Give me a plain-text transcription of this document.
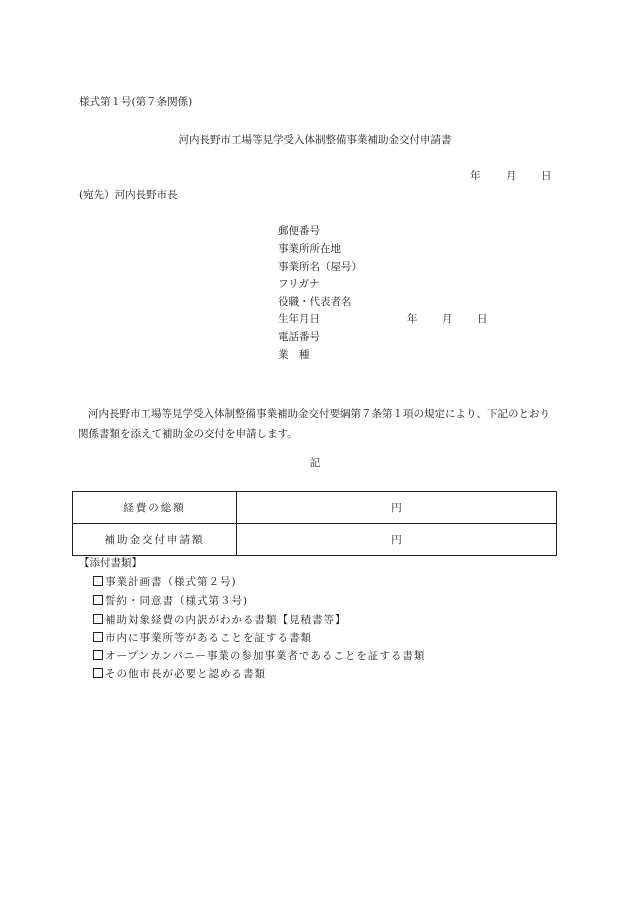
様式第１号(第７条関係)
河内長野市工場等見学受入体制整備事業補助金交付申請書
年 月 日
(宛先）河内長野市長
郵便番号
事業所所在地
事業所名（屋号）
フリガナ
役職・代表者名
生年月日	年 月 日
電話番号
業　種
河内長野市工場等見学受入体制整備事業補助金交付要綱第７条第１項の規定により、下記のとおり関係書類を添えて補助金の交付を申請します。
記
経費の総額	円
補助金交付申請額	円
【添付書類】
事業計画書（様式第２号)
誓約・同意書（様式第３号)
補助対象経費の内訳がわかる書類【見積書等】
市内に事業所等があることを証する書類
オープンカンパニー事業の参加事業者であることを証する書類
その他市長が必要と認める書類
